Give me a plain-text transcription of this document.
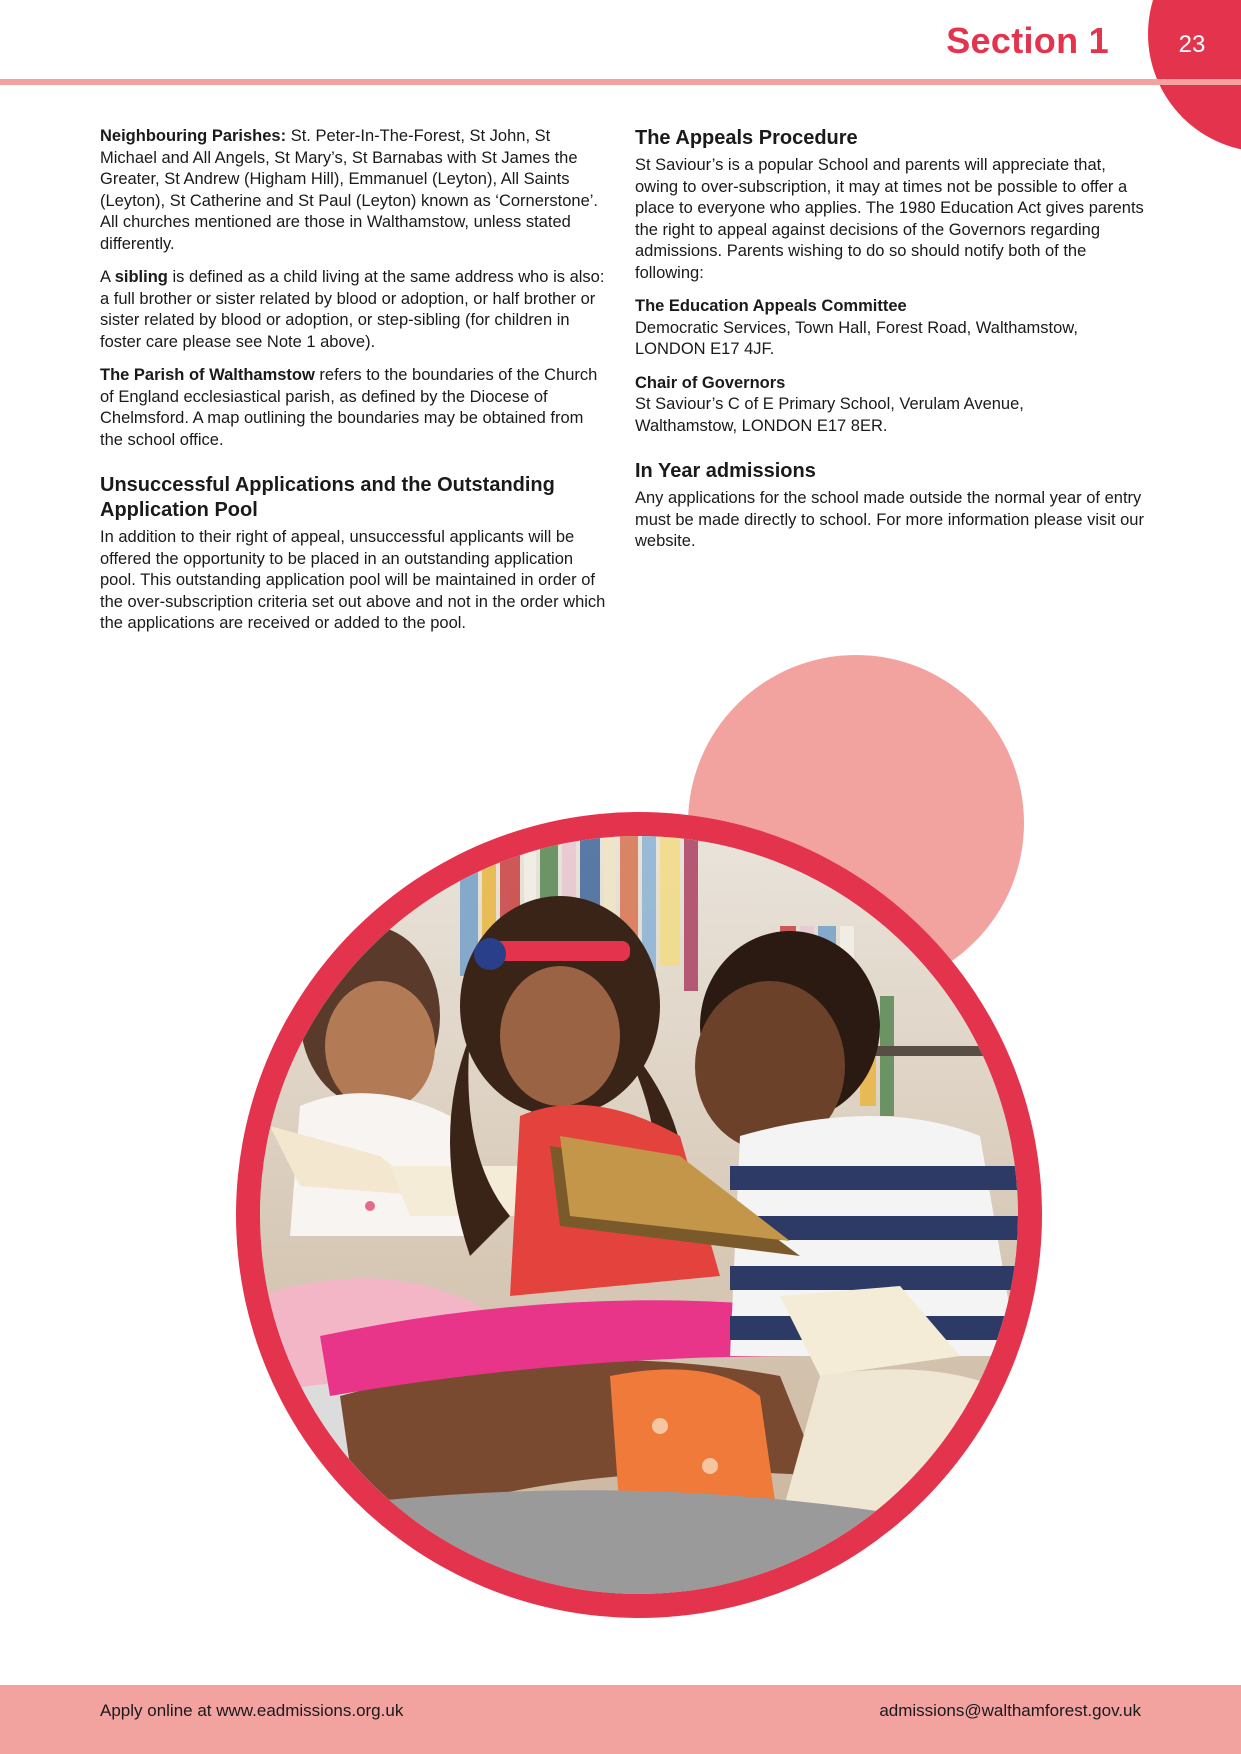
23
Section 1

Neighbouring Parishes: St. Peter-In-The-Forest, St John, St Michael and All Angels, St Mary’s, St Barnabas with St James the Greater, St Andrew (Higham Hill), Emmanuel (Leyton), All Saints (Leyton), St Catherine and St Paul (Leyton) known as ‘Cornerstone’. All churches mentioned are those in Walthamstow, unless stated differently.

A sibling is defined as a child living at the same address who is also: a full brother or sister related by blood or adoption, or half brother or sister related by blood or adoption, or step-sibling (for children in foster care please see Note 1 above).

The Parish of Walthamstow refers to the boundaries of the Church of England ecclesiastical parish, as defined by the Diocese of Chelmsford. A map outlining the boundaries may be obtained from the school office.

Unsuccessful Applications and the Outstanding Application Pool

In addition to their right of appeal, unsuccessful applicants will be offered the opportunity to be placed in an outstanding application pool. This outstanding application pool will be maintained in order of the over-subscription criteria set out above and not in the order which the applications are received or added to the pool.

The Appeals Procedure

St Saviour’s is a popular School and parents will appreciate that, owing to over-subscription, it may at times not be possible to offer a place to everyone who applies. The 1980 Education Act gives parents the right to appeal against decisions of the Governors regarding admissions. Parents wishing to do so should notify both of the following:

The Education Appeals Committee

Democratic Services, Town Hall, Forest Road, Walthamstow,

LONDON E17 4JF.

Chair of Governors

St Saviour’s C of E Primary School, Verulam Avenue,

Walthamstow, LONDON E17 8ER.

In Year admissions

Any applications for the school made outside the normal year of entry must be made directly to school. For more information please visit our website.

Apply online at www.eadmissions.org.uk	admissions@walthamforest.gov.uk
